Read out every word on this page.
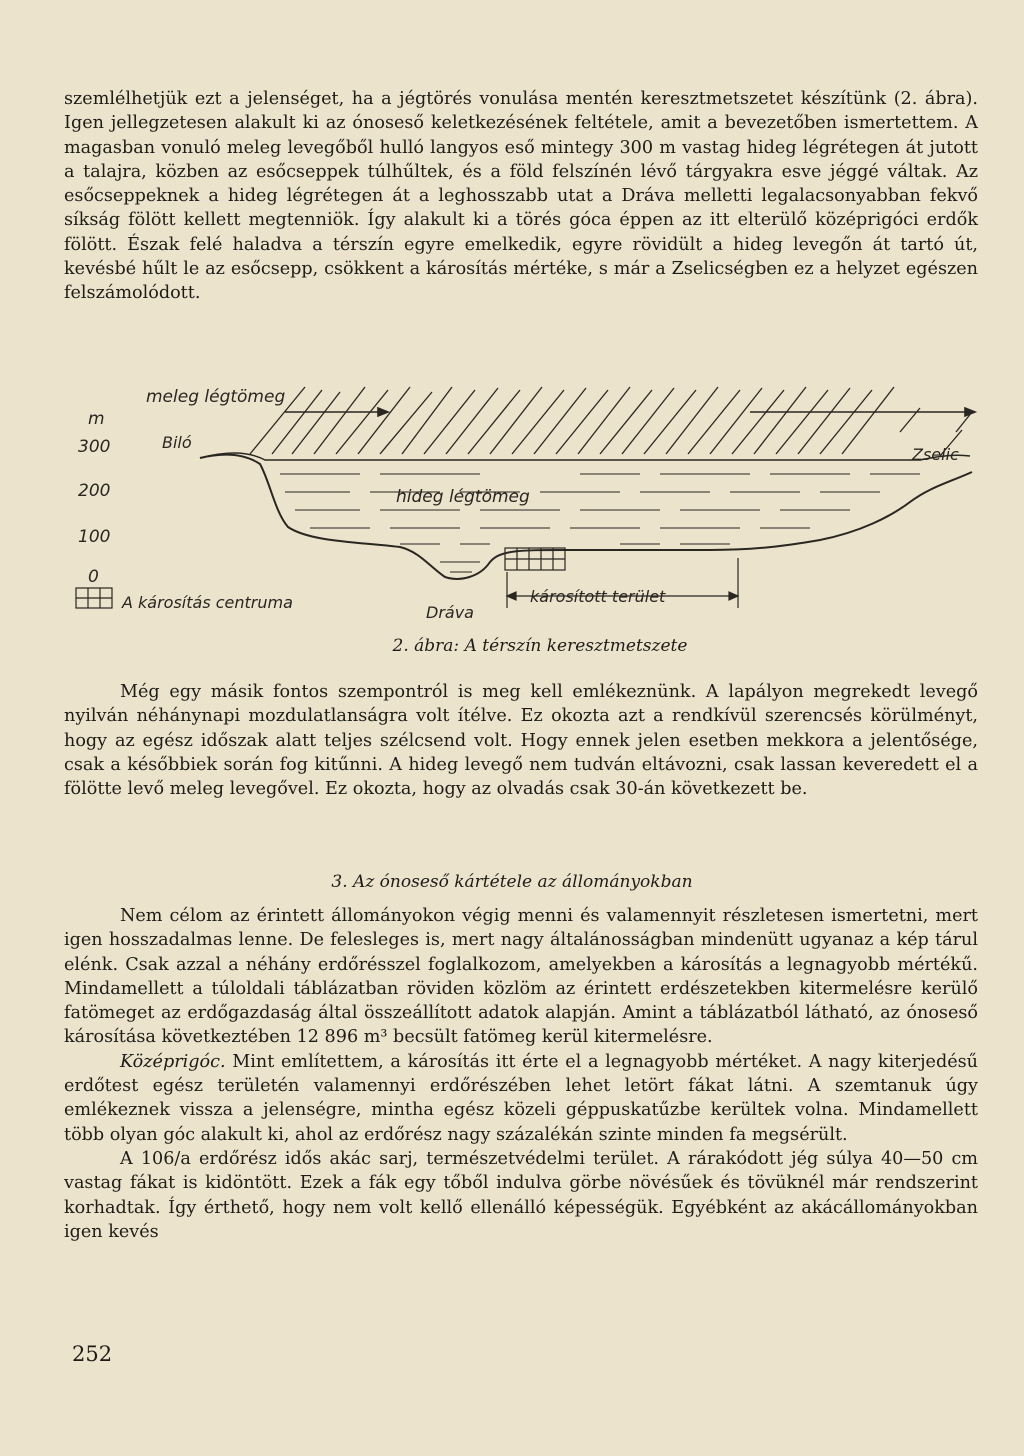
szemlélhetjük ezt a jelenséget, ha a jégtörés vonulása mentén keresztmetszetet készítünk (2. ábra). Igen jellegzetesen alakult ki az ónoseső keletkezésének feltétele, amit a bevezetőben ismertettem. A magasban vonuló meleg levegőből hulló langyos eső mintegy 300 m vastag hideg légrétegen át jutott a talajra, közben az esőcseppek túlhűltek, és a föld felszínén lévő tárgyakra esve jéggé váltak. Az esőcseppeknek a hideg légrétegen át a leghosszabb utat a Dráva melletti legalacsonyabban fekvő síkság fölött kellett megtenniök. Így alakult ki a törés góca éppen az itt elterülő középrigóci erdők fölött. Észak felé haladva a térszín egyre emelkedik, egyre rövidült a hideg levegőn át tartó út, kevésbé hűlt le az esőcsepp, csökkent a károsítás mértéke, s már a Zselicségben ez a helyzet egészen felszámolódott.

m
300
200
100
0
meleg légtömeg
Biló
Zselic
hideg légtömeg
Dráva
károsított terület
A károsítás centruma
2. ábra: A térszín keresztmetszete

Még egy másik fontos szempontról is meg kell emlékeznünk. A lapályon megrekedt levegő nyilván néhánynapi mozdulatlanságra volt ítélve. Ez okozta azt a rendkívül szerencsés körülményt, hogy az egész időszak alatt teljes szélcsend volt. Hogy ennek jelen esetben mekkora a jelentősége, csak a későbbiek során fog kitűnni. A hideg levegő nem tudván eltávozni, csak lassan keveredett el a fölötte levő meleg levegővel. Ez okozta, hogy az olvadás csak 30-án következett be.

3. Az ónoseső kártétele az állományokban

Nem célom az érintett állományokon végig menni és valamennyit részletesen ismertetni, mert igen hosszadalmas lenne. De felesleges is, mert nagy általánosságban mindenütt ugyanaz a kép tárul elénk. Csak azzal a néhány erdőrésszel foglalkozom, amelyekben a károsítás a legnagyobb mértékű. Mindamellett a túloldali táblázatban röviden közlöm az érintett erdészetekben kitermelésre kerülő fatömeget az erdőgazdaság által összeállított adatok alapján. Amint a táblázatból látható, az ónoseső károsítása következtében 12 896 m³ becsült fatömeg kerül kitermelésre.

Középrigóc. Mint említettem, a károsítás itt érte el a legnagyobb mértéket. A nagy kiterjedésű erdőtest egész területén valamennyi erdőrészében lehet letört fákat látni. A szemtanuk úgy emlékeznek vissza a jelenségre, mintha egész közeli géppuskatűzbe kerültek volna. Mindamellett több olyan góc alakult ki, ahol az erdőrész nagy százalékán szinte minden fa megsérült.

A 106/a erdőrész idős akác sarj, természetvédelmi terület. A rárakódott jég súlya 40—50 cm vastag fákat is kidöntött. Ezek a fák egy tőből indulva görbe növésűek és tövüknél már rendszerint korhadtak. Így érthető, hogy nem volt kellő ellenálló képességük. Egyébként az akácállományokban igen kevés

252
